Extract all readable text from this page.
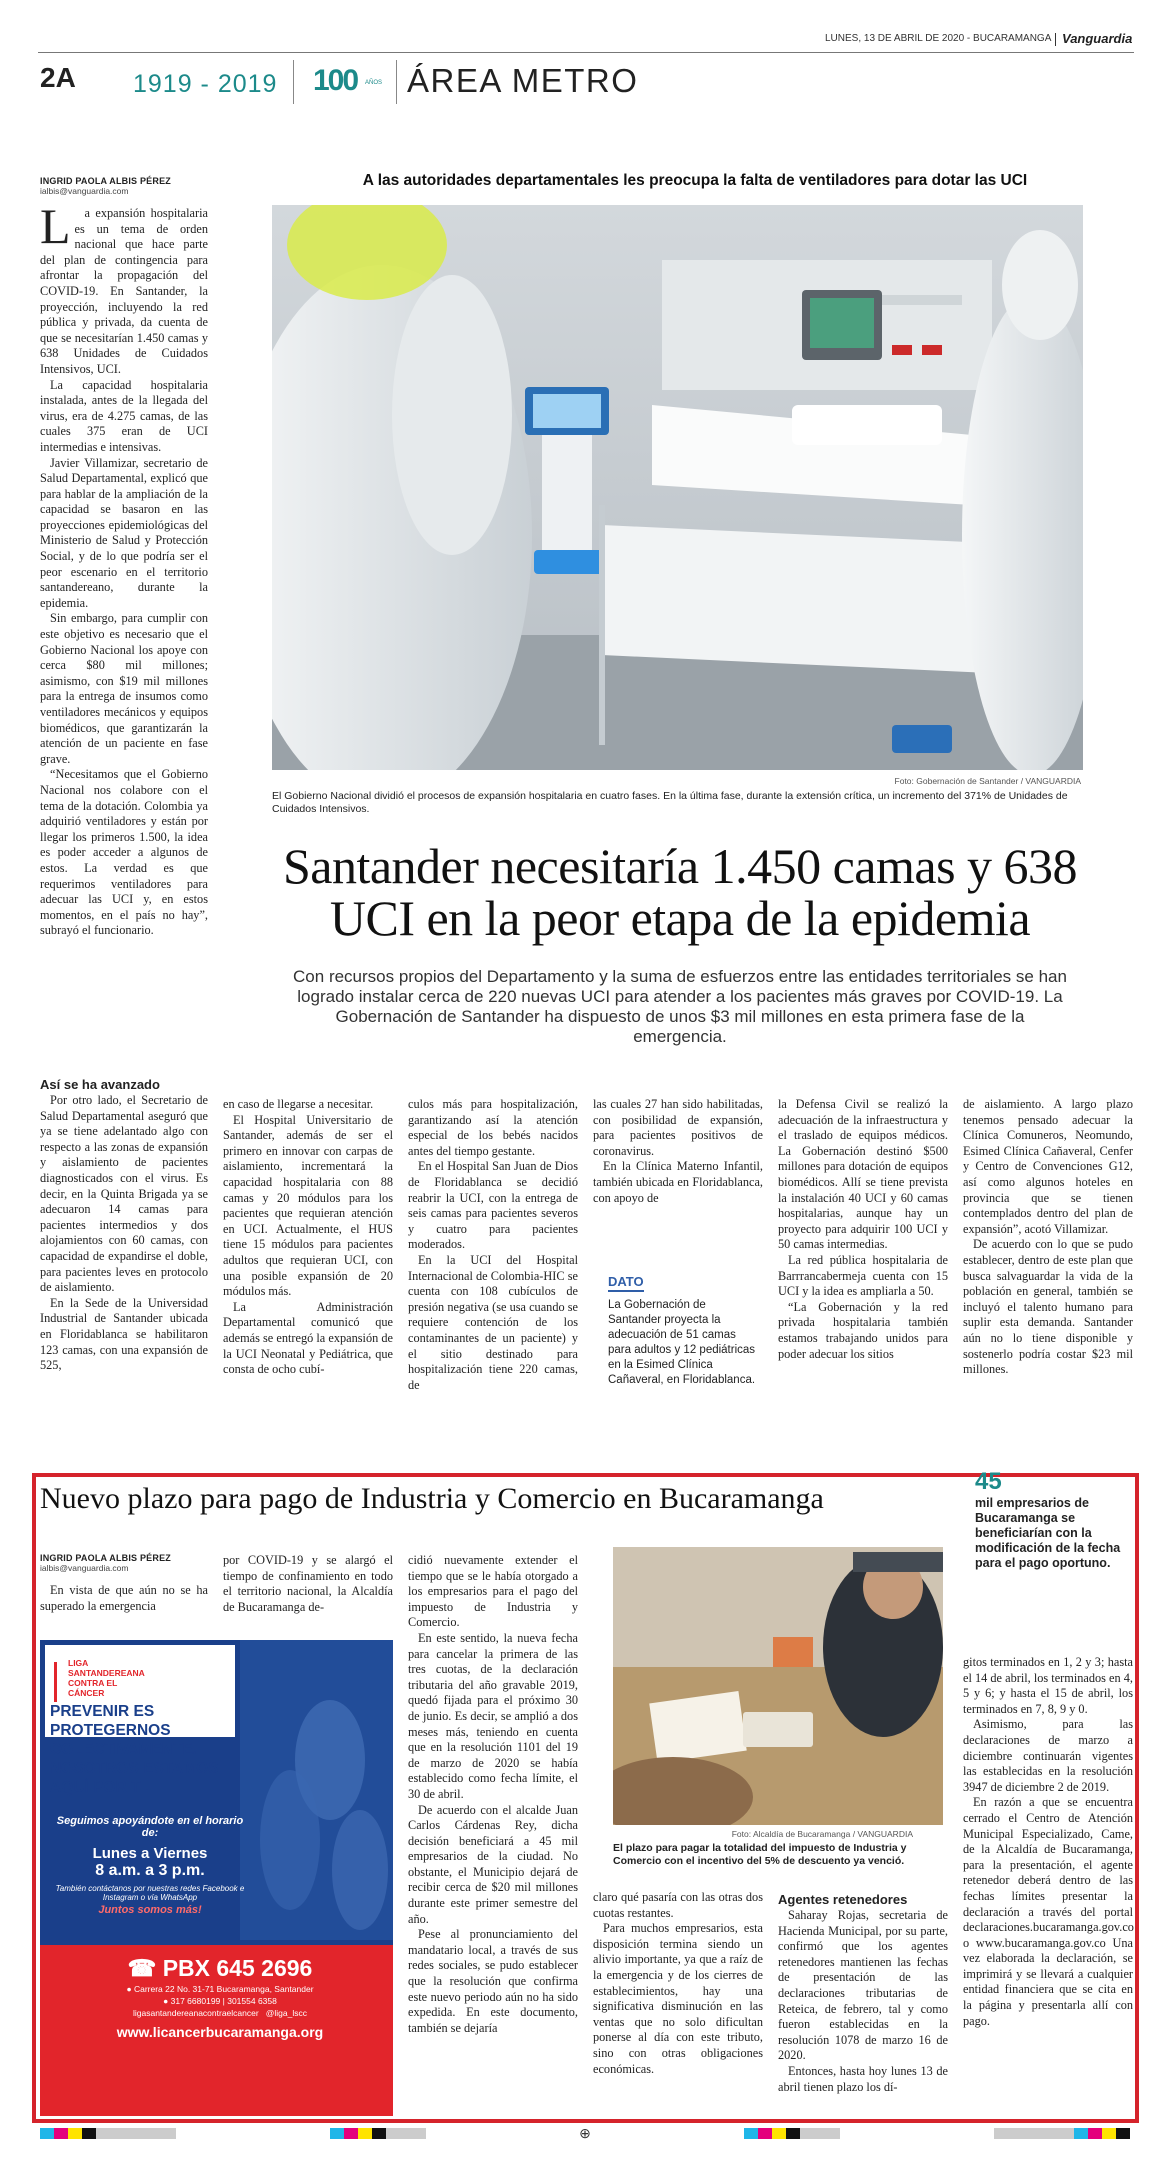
LUNES, 13 DE ABRIL DE 2020 - BUCARAMANGA Vanguardia
2A 1919 - 2019 100 AÑOS ÁREA METRO
INGRID PAOLA ALBIS PÉREZ
ialbis@vanguardia.com
A las autoridades departamentales les preocupa la falta de ventiladores para dotar las UCI
Foto: Gobernación de Santander / VANGUARDIA
El Gobierno Nacional dividió el procesos de expansión hospitalaria en cuatro fases. En la última fase, durante la extensión crítica, un incremento del 371% de Unidades de Cuidados Intensivos.
Santander necesitaría 1.450 camas y 638
UCI en la peor etapa de la epidemia
Con recursos propios del Departamento y la suma de esfuerzos entre las entidades territoriales se han logrado instalar cerca de 220 nuevas UCI para atender a los pacientes más graves por COVID-19. La Gobernación de Santander ha dispuesto de unos $3 mil millones en esta primera fase de la emergencia.

L	a expansión hospitalaria es un tema de orden nacional que hace parte del plan de contingencia para afrontar la propagación del COVID-19. En Santander, la proyección, incluyendo la red pública y privada, da cuenta de que se necesitarían 1.450 camas y 638 Unidades de Cuidados Intensivos, UCI.

La capacidad hospitalaria instalada, antes de la llegada del virus, era de 4.275 camas, de las cuales 375 eran de UCI intermedias e intensivas.

Javier Villamizar, secretario de Salud Departamental, explicó que para hablar de la ampliación de la capacidad se basaron en las proyecciones epidemiológicas del Ministerio de Salud y Protección Social, y de lo que podría ser el peor escenario en el territorio santandereano, durante la epidemia.

Sin embargo, para cumplir con este objetivo es necesario que el Gobierno Nacional los apoye con cerca $80 mil millones; asimismo, con $19 mil millones para la entrega de insumos como ventiladores mecánicos y equipos biomédicos, que garantizarán la atención de un paciente en fase grave.

“Necesitamos que el Gobierno Nacional nos colabore con el tema de la dotación. Colombia ya adquirió ventiladores y están por llegar los primeros 1.500, la idea es poder acceder a algunos de estos. La verdad es que requerimos ventiladores para adecuar las UCI y, en estos momentos, en el país no hay”, subrayó el funcionario.

Así se ha avanzado

Por otro lado, el Secretario de Salud Departamental aseguró que ya se tiene adelantado algo con respecto a las zonas de expansión y aislamiento de pacientes diagnosticados con el virus. Es decir, en la Quinta Brigada ya se adecuaron 14 camas para pacientes intermedios y dos alojamientos con 60 camas, con capacidad de expandirse el doble, para pacientes leves en protocolo de aislamiento.

En la Sede de la Universidad Industrial de Santander ubicada en Floridablanca se habilitaron 123 camas, con una expansión de 525,

en caso de llegarse a necesitar.

El Hospital Universitario de Santander, además de ser el primero en innovar con carpas de aislamiento, incrementará la capacidad hospitalaria con 88 camas y 20 módulos para los pacientes que requieran atención en UCI. Actualmente, el HUS tiene 15 módulos para pacientes adultos que requieran UCI, con una posible expansión de 20 módulos más.

La Administración Departamental comunicó que además se entregó la expansión de la UCI Neonatal y Pediátrica, que consta de ocho cubí-

culos más para hospitalización, garantizando así la atención especial de los bebés nacidos antes del tiempo gestante.

En el Hospital San Juan de Dios de Floridablanca se decidió reabrir la UCI, con la entrega de seis camas para pacientes severos y cuatro para pacientes moderados.

En la UCI del Hospital Internacional de Colombia-HIC se cuenta con 108 cubículos de presión negativa (se usa cuando se requiere contención de los contaminantes de un paciente) y el sitio destinado para hospitalización tiene 220 camas, de

las cuales 27 han sido habilitadas, con posibilidad de expansión, para pacientes positivos de coronavirus.

En la Clínica Materno Infantil, también ubicada en Floridablanca, con apoyo de

DATO
La Gobernación de Santander proyecta la adecuación de 51 camas para adultos y 12 pediátricas en la Esimed Clínica Cañaveral, en Floridablanca.

la Defensa Civil se realizó la adecuación de la infraestructura y el traslado de equipos médicos. La Gobernación destinó $500 millones para dotación de equipos biomédicos. Allí se tiene prevista la instalación 40 UCI y 60 camas hospitalarias, aunque hay un proyecto para adquirir 100 UCI y 50 camas intermedias.

La red pública hospitalaria de Barrrancabermeja cuenta con 15 UCI y la idea es ampliarla a 50.

“La Gobernación y la red privada hospitalaria también estamos trabajando unidos para poder adecuar los sitios

de aislamiento. A largo plazo tenemos pensado adecuar la Clínica Comuneros, Neomundo, Esimed Clínica Cañaveral, Cenfer y Centro de Convenciones G12, así como algunos hoteles en provincia que se tienen contemplados dentro del plan de expansión”, acotó Villamizar.

De acuerdo con lo que se pudo establecer, dentro de este plan que busca salvaguardar la vida de la población en general, también se incluyó el talento humano para suplir esta demanda. Santander aún no lo tiene disponible y sostenerlo podría costar $23 mil millones.

Nuevo plazo para pago de Industria y Comercio en Bucaramanga
45
mil empresarios de Bucaramanga se beneficiarían con la modificación de la fecha para el pago oportuno.
INGRID PAOLA ALBIS PÉREZ
ialbis@vanguardia.com

En vista de que aún no se ha superado la emergencia

por COVID-19 y se alargó el tiempo de confinamiento en todo el territorio nacional, la Alcaldía de Bucaramanga de-

LIGA
SANTANDEREANA
CONTRA EL
CÁNCER
PREVENIR ES PROTEGERNOS COLECTIVAMENTE. NOSOTROS ESTAMOS AQUÍ POR TI.
Seguimos apoyándote en el horario de:
Lunes a Viernes
8 a.m. a 3 p.m.
También contáctanos por nuestras redes Facebook e Instagram o vía WhatsApp
Juntos somos más!
☎ PBX 645 2696
● Carrera 22 No. 31-71 Bucaramanga, Santander
● 317 6680199 | 301554 6358
ligasantandereanacontraelcancer @liga_lscc
www.licancerbucaramanga.org
Foto: Alcaldía de Bucaramanga / VANGUARDIA
El plazo para pagar la totalidad del impuesto de Industria y Comercio con el incentivo del 5% de descuento ya venció.

cidió nuevamente extender el tiempo que se le había otorgado a los empresarios para el pago del impuesto de Industria y Comercio.

En este sentido, la nueva fecha para cancelar la primera de las tres cuotas, de la declaración tributaria del año gravable 2019, quedó fijada para el próximo 30 de junio. Es decir, se amplió a dos meses más, teniendo en cuenta que en la resolución 1101 del 19 de marzo de 2020 se había establecido como fecha límite, el 30 de abril.

De acuerdo con el alcalde Juan Carlos Cárdenas Rey, dicha decisión beneficiará a 45 mil empresarios de la ciudad. No obstante, el Municipio dejará de recibir cerca de $20 mil millones durante este primer semestre del año.

Pese al pronunciamiento del mandatario local, a través de sus redes sociales, se pudo establecer que la resolución que confirma este nuevo periodo aún no ha sido expedida. En este documento, también se dejaría

claro qué pasaría con las otras dos cuotas restantes.

Para muchos empresarios, esta disposición termina siendo un alivio importante, ya que a raíz de la emergencia y de los cierres de establecimientos, hay una significativa disminución en las ventas que no solo dificultan ponerse al día con este tributo, sino con otras obligaciones económicas.

Agentes retenedores

Saharay Rojas, secretaria de Hacienda Municipal, por su parte, confirmó que los agentes retenedores mantienen las fechas de presentación de las declaraciones tributarias de Reteica, de febrero, tal y como fueron establecidas en la resolución 1078 de marzo 16 de 2020.

Entonces, hasta hoy lunes 13 de abril tienen plazo los dí-

gitos terminados en 1, 2 y 3; hasta el 14 de abril, los terminados en 4, 5 y 6; y hasta el 15 de abril, los terminados en 7, 8, 9 y 0.

Asimismo, para las declaraciones de marzo a diciembre continuarán vigentes las establecidas en la resolución 3947 de diciembre 2 de 2019.

En razón a que se encuentra cerrado el Centro de Atención Municipal Especializado, Came, de la Alcaldía de Bucaramanga, para la presentación, el agente retenedor deberá dentro de las fechas límites presentar la declaración a través del portal declaraciones.bucaramanga.gov.co o www.bucaramanga.gov.co Una vez elaborada la declaración, se imprimirá y se llevará a cualquier entidad financiera que se cita en la página y presentarla allí con pago.

⊕
